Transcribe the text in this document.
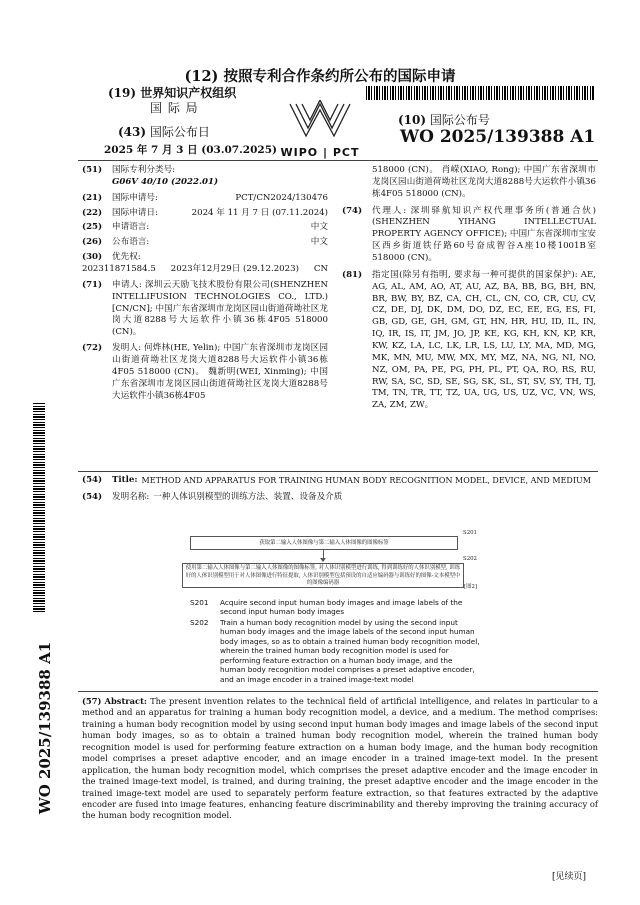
(12) 按照专利合作条约所公布的国际申请
(19) 世界知识产权组织
国 际 局
(43) 国际公布日
2025 年 7 月 3 日 (03.07.2025) WIPO | PCT
(10) 国际公布号
WO 2025/139388 A1
WO 2025/139388 A1
(51)	国际专利分类号:
G06V 40/10 (2022.01)
(21)	国际申请号:	PCT/CN2024/130476
(22)	国际申请日:	2024 年 11 月 7 日 (07.11.2024)
(25)	申请语言:	中文
(26)	公布语言:	中文
(30)	优先权:
202311871584.5 2023年12月29日 (29.12.2023) CN
(71)	申请人: 深圳云天励飞技术股份有限公司(SHENZHEN INTELLIFUSION TECHNOLOGIES CO., LTD.) [CN/CN]; 中国广东省深圳市龙岗区园山街道荷坳社区龙岗大道8288号大运软件小镇36栋4F05 518000 (CN)。
(72)	发明人: 何烨林(HE, Yelin); 中国广东省深圳市龙岗区园山街道荷坳社区龙岗大道8288号大运软件小镇36栋4F05 518000 (CN)。 魏新明(WEI, Xinming); 中国广东省深圳市龙岗区园山街道荷坳社区龙岗大道8288号大运软件小镇36栋4F05
518000 (CN)。 肖嵘(XIAO, Rong); 中国广东省深圳市龙岗区园山街道荷坳社区龙岗大道8288号大运软件小镇36栋4F05 518000 (CN)。
(74)	代理人: 深圳驿航知识产权代理事务所(普通合伙) (SHENZHEN YIHANG INTELLECTUAL PROPERTY AGENCY OFFICE); 中国广东省深圳市宝安区西乡街道铁仔路60号奋成智谷A座10楼1001B室 518000 (CN)。
(81)	指定国(除另有指明, 要求每一种可提供的国家保护): AE, AG, AL, AM, AO, AT, AU, AZ, BA, BB, BG, BH, BN, BR, BW, BY, BZ, CA, CH, CL, CN, CO, CR, CU, CV, CZ, DE, DJ, DK, DM, DO, DZ, EC, EE, EG, ES, FI, GB, GD, GE, GH, GM, GT, HN, HR, HU, ID, IL, IN, IQ, IR, IS, IT, JM, JO, JP, KE, KG, KH, KN, KP, KR, KW, KZ, LA, LC, LK, LR, LS, LU, LY, MA, MD, MG, MK, MN, MU, MW, MX, MY, MZ, NA, NG, NI, NO, NZ, OM, PA, PE, PG, PH, PL, PT, QA, RO, RS, RU, RW, SA, SC, SD, SE, SG, SK, SL, ST, SV, SY, TH, TJ, TM, TN, TR, TT, TZ, UA, UG, US, UZ, VC, VN, WS, ZA, ZM, ZW。
(54)	Title: METHOD AND APPARATUS FOR TRAINING HUMAN BODY RECOGNITION MODEL, DEVICE, AND MEDIUM
(54)	发明名称: 一种人体识别模型的训练方法、装置、设备及介质
获取第二输入人体图像与第二输入人体图像的图像标签
S201
使用第二输入人体图像与第二输入人体图像的图像标签, 对人体识别模型进行训练, 得到训练好的人体识别模型, 训练好的人体识别模型用于对人体图像进行特征提取, 人体识别模型包括预设的自适应编码器与训练好的图像-文本模型中的图像编码器
S202
[图2]
S201	Acquire second input human body images and image labels of the second input human body images
S202	Train a human body recognition model by using the second input human body images and the image labels of the second input human body images, so as to obtain a trained human body recognition model, wherein the trained human body recognition model is used for performing feature extraction on a human body image, and the human body recognition model comprises a preset adaptive encoder, and an image encoder in a trained image-text model
(57) Abstract: The present invention relates to the technical field of artificial intelligence, and relates in particular to a method and an apparatus for training a human body recognition model, a device, and a medium. The method comprises: training a human body recognition model by using second input human body images and image labels of the second input human body images, so as to obtain a trained human body recognition model, wherein the trained human body recognition model is used for performing feature extraction on a human body image, and the human body recognition model comprises a preset adaptive encoder, and an image encoder in a trained image-text model. In the present application, the human body recognition model, which comprises the preset adaptive encoder and the image encoder in the trained image-text model, is trained, and during training, the preset adaptive encoder and the image encoder in the trained image-text model are used to separately perform feature extraction, so that features extracted by the adaptive encoder are fused into image features, enhancing feature discriminability and thereby improving the training accuracy of the human body recognition model.
[见续页]
